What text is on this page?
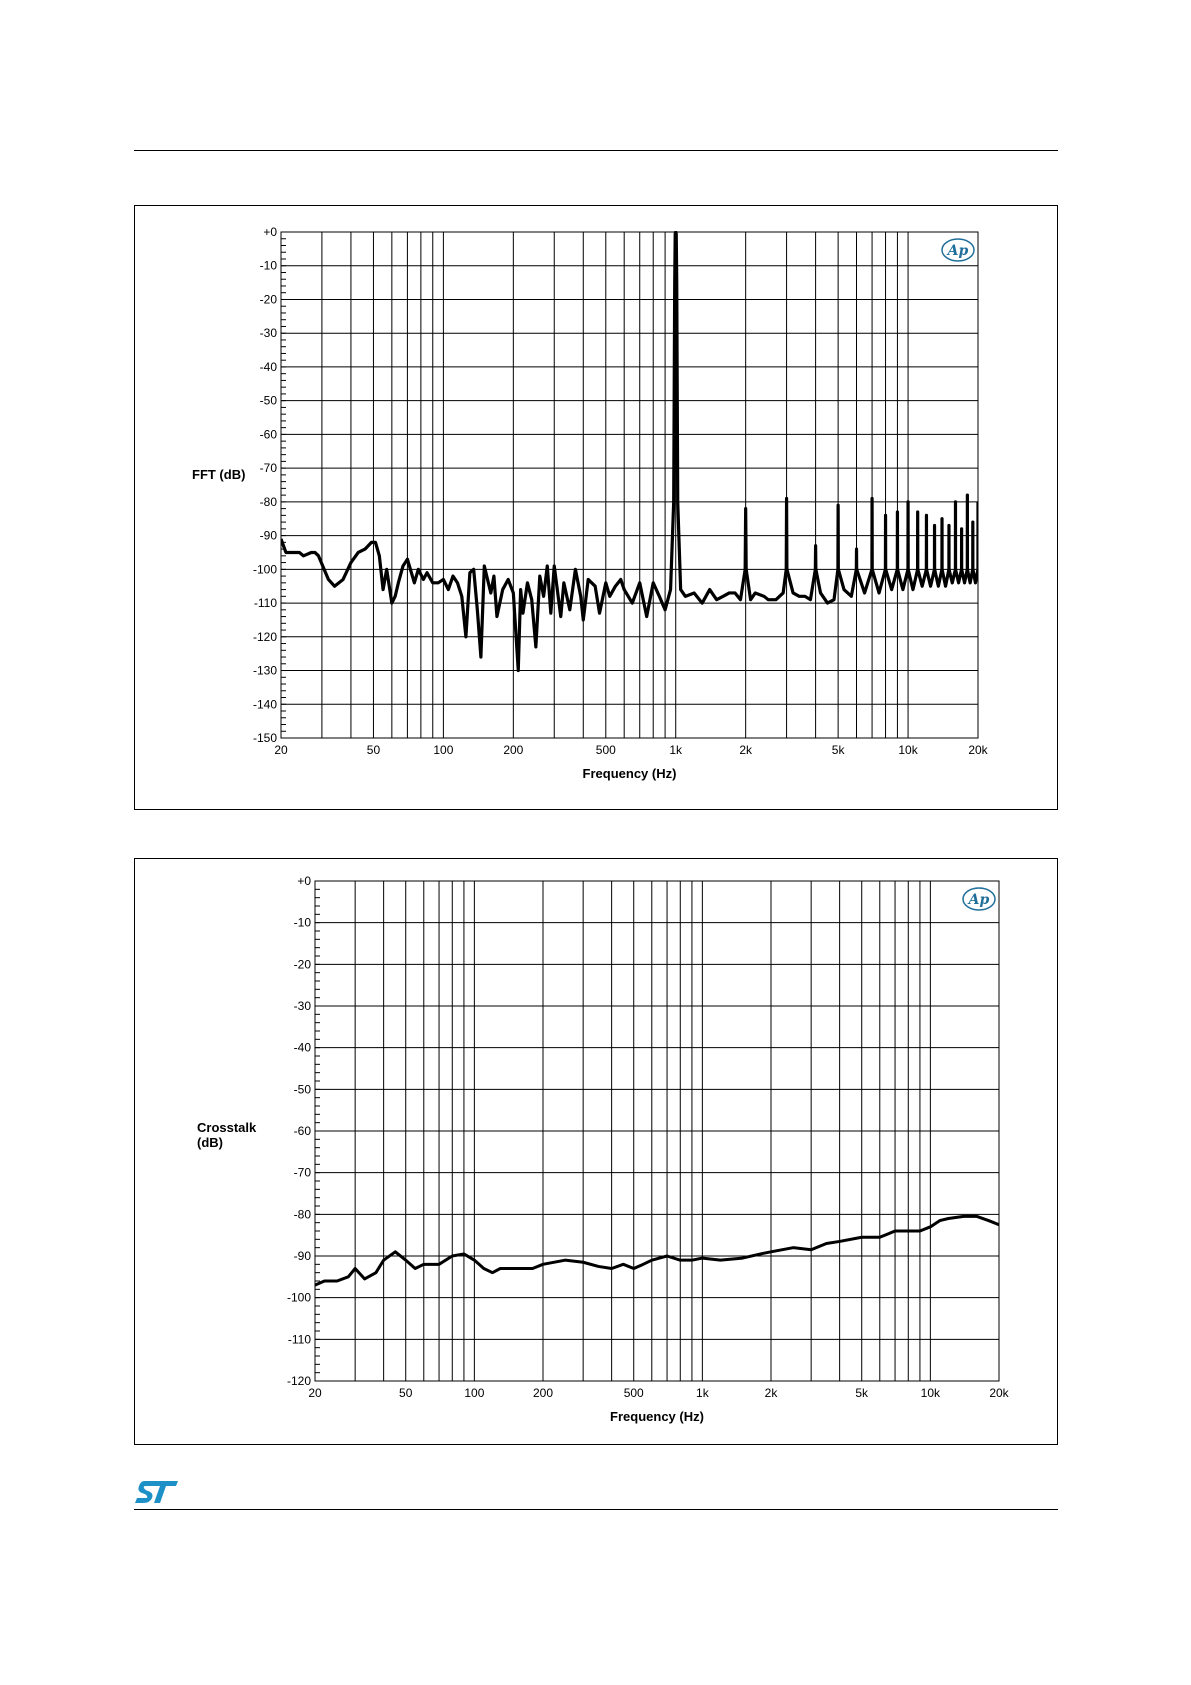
+0
-10
-20
-30
-40
-50
-60
-70
-80
-90
-100
-110
-120
-130
-140
-150
20	50	100	200	500	1k	2k	5k	10k	20k
Frequency (Hz)
FFT (dB)
Ap
+0
-10
-20
-30
-40
-50
-60
-70
-80
-90
-100
-110
-120
20	50	100	200	500	1k	2k	5k	10k	20k
Frequency (Hz)
Crosstalk
(dB)
Ap
